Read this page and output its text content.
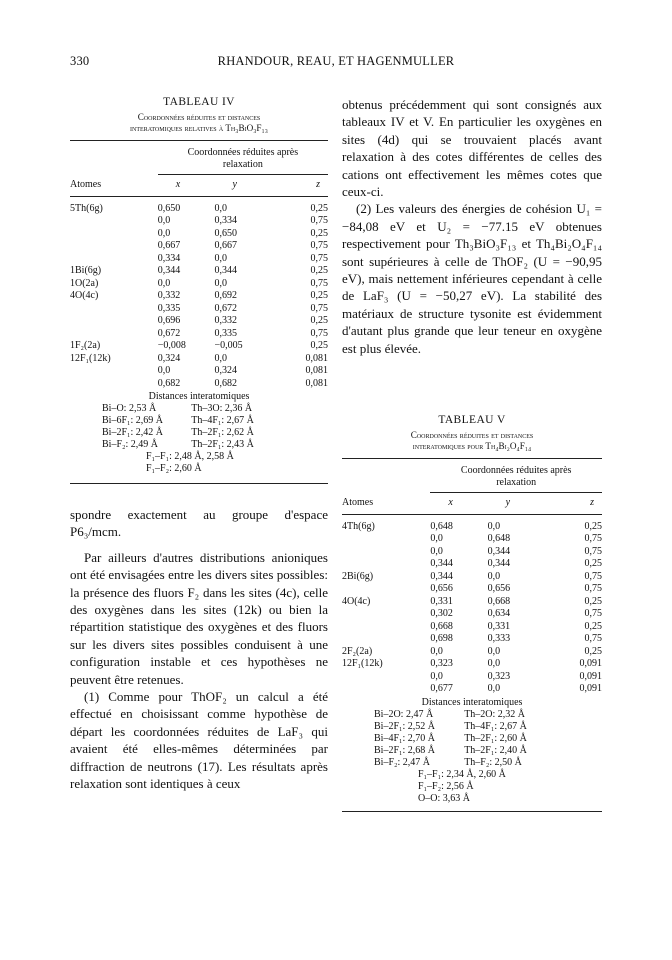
330	RHANDOUR, REAU, ET HAGENMULLER
TABLEAU IV
Coordonnées réduites et distances
interatomiques relatives à Th₃BiO₃F₁₃
Coordonnées réduites après
relaxation
Atomes	x	y	z
5Th(6g)	0,650	0,0	0,25
	0,0	0,334	0,75
	0,0	0,650	0,25
	0,667	0,667	0,75
	0,334	0,0	0,75
1Bi(6g)	0,344	0,344	0,25
1O(2a)	0,0	0,0	0,75
4O(4c)	0,332	0,692	0,25
	0,335	0,672	0,75
	0,696	0,332	0,25
	0,672	0,335	0,75
1F₂(2a)	−0,008	−0,005	0,25
12F₁(12k)	0,324	0,0	0,081
	0,0	0,324	0,081
	0,682	0,682	0,081
Distances interatomiques
Bi–O: 2,53 Å	Th–3O: 2,36 Å
Bi–6F₁: 2,69 Å	Th–4F₁: 2,67 Å
Bi–2F₁: 2,42 Å	Th–2F₁: 2,62 Å
Bi–F₂: 2,49 Å	Th–2F₁: 2,43 Å
F₁–F₁: 2,48 Å, 2,58 Å
F₁–F₂: 2,60 Å

spondre exactement au groupe d'espace P6₃/mcm.

Par ailleurs d'autres distributions anioniques ont été envisagées entre les divers sites possibles: la présence des fluors F₂ dans les sites (4c), celle des oxygènes dans les sites (12k) ou bien la répartition statistique des oxygènes et des fluors sur les divers sites possibles conduisent à une configuration instable et ces hypothèses ne peuvent être retenues.

(1) Comme pour ThOF₂ un calcul a été effectué en choisissant comme hypothèse de départ les coordonnées réduites de LaF₃ qui avaient été elles-mêmes déterminées par diffraction de neutrons (17). Les résultats après relaxation sont identiques à ceux

obtenus précédemment qui sont consignés aux tableaux IV et V. En particulier les oxygènes en sites (4d) qui se trouvaient placés avant relaxation à des cotes différentes de celles des cations ont effectivement les mêmes cotes que ceux-ci.

(2) Les valeurs des énergies de cohésion U₁ = −84,08 eV et U₂ = −77.15 eV obtenues respectivement pour Th₃BiO₃F₁₃ et Th₄Bi₂O₄F₁₄ sont supérieures à celle de ThOF₂ (U = −90,95 eV), mais nettement inférieures cependant à celle de LaF₃ (U = −50,27 eV). La stabilité des matériaux de structure tysonite est évidemment d'autant plus grande que leur teneur en oxygène est plus élevée.

TABLEAU V
Coordonnées réduites et distances
interatomiques pour Th₄Bi₂O₄F₁₄
Coordonnées réduites après
relaxation
Atomes	x	y	z
4Th(6g)	0,648	0,0	0,25
	0,0	0,648	0,75
	0,0	0,344	0,75
	0,344	0,344	0,25
2Bi(6g)	0,344	0,0	0,75
	0,656	0,656	0,75
4O(4c)	0,331	0,668	0,25
	0,302	0,634	0,75
	0,668	0,331	0,25
	0,698	0,333	0,75
2F₂(2a)	0,0	0,0	0,25
12F₁(12k)	0,323	0,0	0,091
	0,0	0,323	0,091
	0,677	0,0	0,091
Distances interatomiques
Bi–2O: 2,47 Å	Th–2O: 2,32 Å
Bi–2F₁: 2,52 Å	Th–4F₁: 2,67 Å
Bi–4F₁: 2,70 Å	Th–2F₁: 2,60 Å
Bi–2F₁: 2,68 Å	Th–2F₁: 2,40 Å
Bi–F₂: 2,47 Å	Th–F₂: 2,50 Å
F₁–F₁: 2,34 Å, 2,60 Å
F₁–F₂: 2,56 Å
O–O: 3,63 Å
